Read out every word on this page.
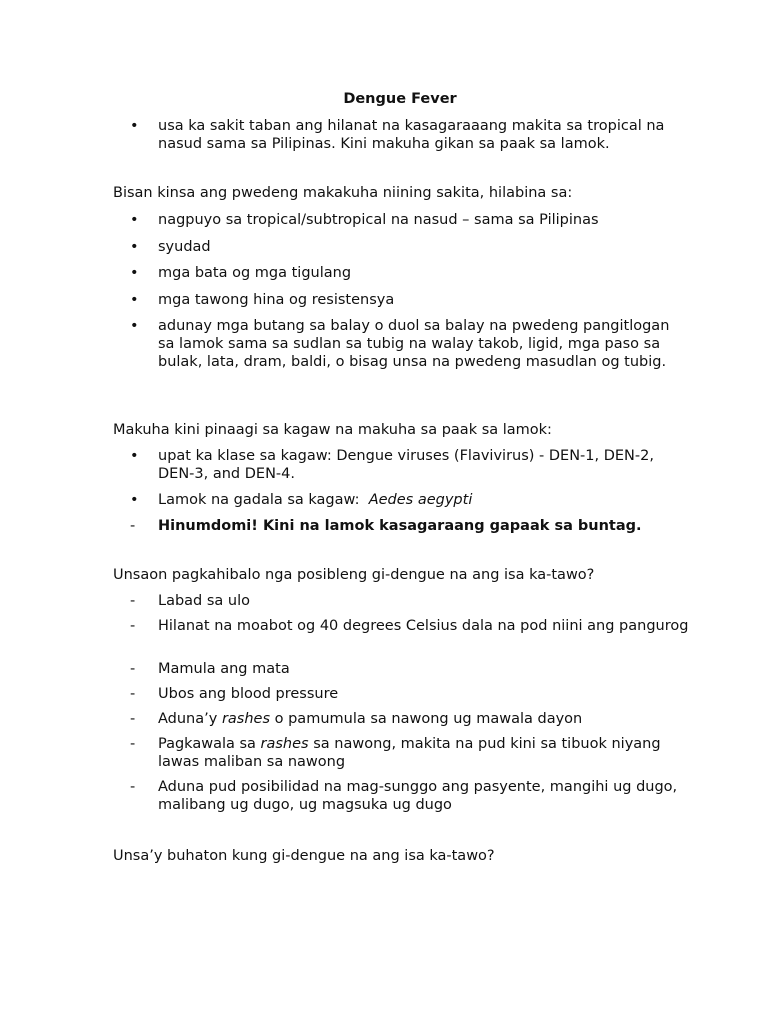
Dengue Fever
•	usa ka sakit taban ang hilanat na kasagaraaang makita sa tropical na nasud sama sa Pilipinas. Kini makuha gikan sa paak sa lamok.
Bisan kinsa ang pwedeng makakuha niining sakita, hilabina sa:
•	nagpuyo sa tropical/subtropical na nasud – sama sa Pilipinas
•	syudad
•	mga bata og mga tigulang
•	mga tawong hina og resistensya
•	adunay mga butang sa balay o duol sa balay na pwedeng pangitlogan sa lamok sama sa sudlan sa tubig na walay takob, ligid, mga paso sa bulak, lata, dram, baldi, o bisag unsa na pwedeng masudlan og tubig.
Makuha kini pinaagi sa kagaw na makuha sa paak sa lamok:
•	upat ka klase sa kagaw: Dengue viruses (Flavivirus) - DEN-1, DEN-2, DEN-3, and DEN-4.
•	Lamok na gadala sa kagaw: Aedes aegypti
-	Hinumdomi! Kini na lamok kasagaraang gapaak sa buntag.
Unsaon pagkahibalo nga posibleng gi-dengue na ang isa ka-tawo?
-	Labad sa ulo
-	Hilanat na moabot og 40 degrees Celsius dala na pod niini ang pangurog
-	Mamula ang mata
-	Ubos ang blood pressure
-	Aduna’y rashes o pamumula sa nawong ug mawala dayon
-	Pagkawala sa rashes sa nawong, makita na pud kini sa tibuok niyang lawas maliban sa nawong
-	Aduna pud posibilidad na mag-sunggo ang pasyente, mangihi ug dugo, malibang ug dugo, ug magsuka ug dugo
Unsa’y buhaton kung gi-dengue na ang isa ka-tawo?
